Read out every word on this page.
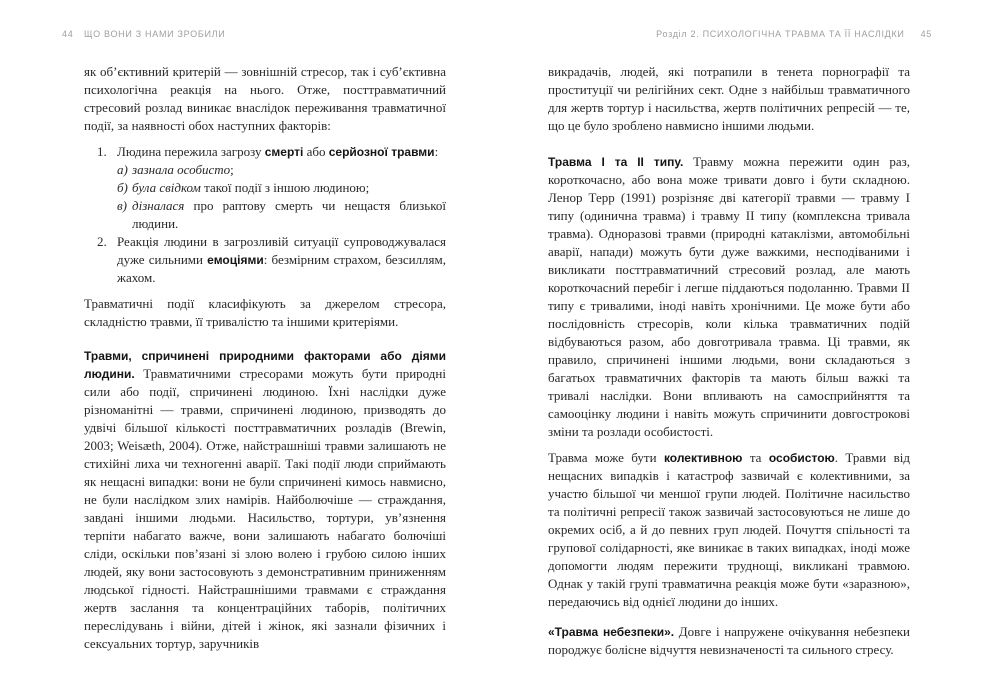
44	ЩО ВОНИ З НАМИ ЗРОБИЛИ	Розділ 2. ПСИХОЛОГІЧНА ТРАВМА ТА ЇЇ НАСЛІДКИ 45

як об’єктивний критерій — зовнішній стресор, так і суб’єктивна психологічна реакція на нього. Отже, посттравматичний стресовий розлад виникає внаслідок переживання травматичної події, за наявності обох наступних факторів:

1. Людина пережила загрозу смерті або серйозної травми:
а) зазнала особисто;
б) була свідком такої події з іншою людиною;
в) дізналася про раптову смерть чи нещастя близької людини.
2. Реакція людини в загрозливій ситуації супроводжувалася дуже сильними емоціями: безмірним страхом, безсиллям, жахом.

Травматичні події класифікують за джерелом стресора, складністю травми, її тривалістю та іншими критеріями.

Травми, спричинені природними факторами або діями людини. Травматичними стресорами можуть бути природні сили або події, спричинені людиною. Їхні наслідки дуже різноманітні — травми, спричинені людиною, призводять до удвічі більшої кількості посттравматичних розладів (Brewin, 2003; Weisæth, 2004). Отже, найстрашніші травми залишають не стихійні лиха чи техногенні аварії. Такі події люди сприймають як нещасні випадки: вони не були спричинені кимось навмисно, не були наслідком злих намірів. Найболючіше — страждання, завдані іншими людьми. Насильство, тортури, ув’язнення терпіти набагато важче, вони залишають набагато болючіші сліди, оскільки пов’язані зі злою волею і грубою силою інших людей, яку вони застосовують з демонстративним приниженням людської гідності. Найстрашнішими травмами є страждання жертв заслання та концентраційних таборів, політичних переслідувань і війни, дітей і жінок, які зазнали фізичних і сексуальних тортур, заручників

викрадачів, людей, які потрапили в тенета порнографії та проституції чи релігійних сект. Одне з найбільш травматичного для жертв тортур і насильства, жертв політичних репресій — те, що це було зроблено навмисно іншими людьми.

Травма І та ІІ типу. Травму можна пережити один раз, короткочасно, або вона може тривати довго і бути складною. Ленор Терр (1991) розрізняє дві категорії травми — травму І типу (одинична травма) і травму ІІ типу (комплексна тривала травма). Одноразові травми (природні катаклізми, автомобільні аварії, напади) можуть бути дуже важкими, несподіваними і викликати посттравматичний стресовий розлад, але мають короткочасний перебіг і легше піддаються подоланню. Травми ІІ типу є тривалими, іноді навіть хронічними. Це може бути або послідовність стресорів, коли кілька травматичних подій відбуваються разом, або довготривала травма. Ці травми, як правило, спричинені іншими людьми, вони складаються з багатьох травматичних факторів та мають більш важкі та тривалі наслідки. Вони впливають на самосприйняття та самооцінку людини і навіть можуть спричинити довгострокові зміни та розлади особистості.

Травма може бути колективною та особистою. Травми від нещасних випадків і катастроф зазвичай є колективними, за участю більшої чи меншої групи людей. Політичне насильство та політичні репресії також зазвичай застосовуються не лише до окремих осіб, а й до певних груп людей. Почуття спільності та групової солідарності, яке виникає в таких випадках, іноді може допомогти людям пережити труднощі, викликані травмою. Однак у такій групі травматична реакція може бути «заразною», передаючись від однієї людини до інших.

«Травма небезпеки». Довге і напружене очікування небезпеки породжує болісне відчуття невизначеності та сильного стресу.
